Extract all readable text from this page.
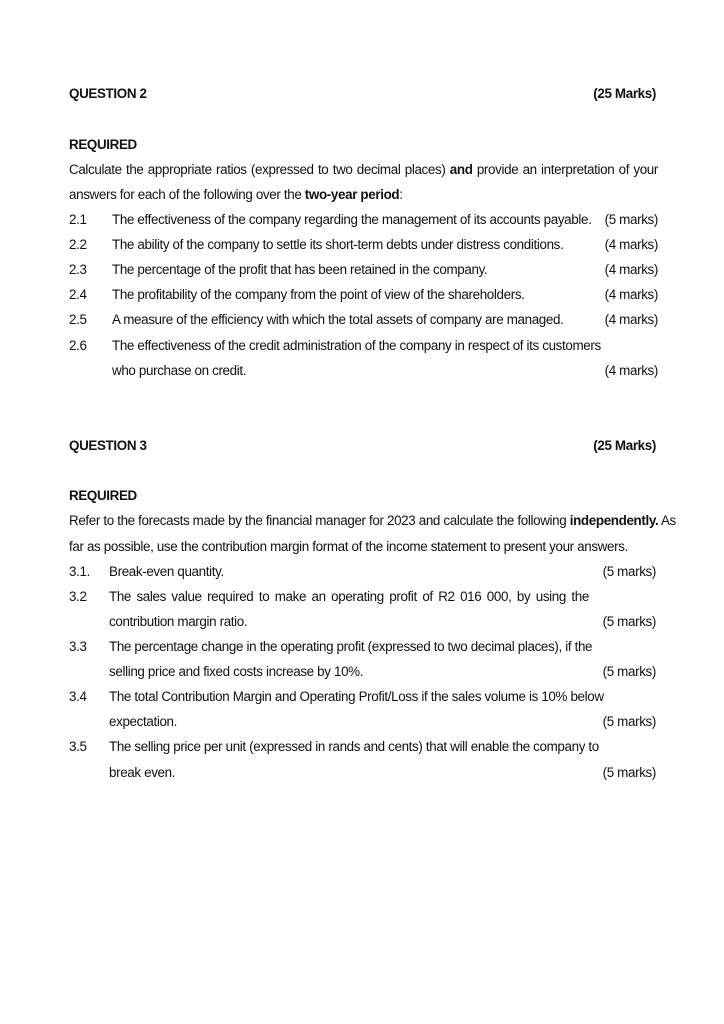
QUESTION 2	(25 Marks)
REQUIRED
Calculate the appropriate ratios (expressed to two decimal places) and provide an interpretation of your
answers for each of the following over the two-year period:
2.1 The effectiveness of the company regarding the management of its accounts payable. (5 marks)
2.2 The ability of the company to settle its short-term debts under distress conditions.	(4 marks)
2.3 The percentage of the profit that has been retained in the company.	(4 marks)
2.4 The profitability of the company from the point of view of the shareholders.	(4 marks)
2.5 A measure of the efficiency with which the total assets of company are managed.	(4 marks)
2.6 The effectiveness of the credit administration of the company in respect of its customers
who purchase on credit.	(4 marks)
QUESTION 3	(25 Marks)
REQUIRED
Refer to the forecasts made by the financial manager for 2023 and calculate the following independently. As
far as possible, use the contribution margin format of the income statement to present your answers.
3.1. Break-even quantity.	(5 marks)
3.2 The sales value required to make an operating profit of R2 016 000, by using the
contribution margin ratio.	(5 marks)
3.3 The percentage change in the operating profit (expressed to two decimal places), if the
selling price and fixed costs increase by 10%.	(5 marks)
3.4 The total Contribution Margin and Operating Profit/Loss if the sales volume is 10% below
expectation.	(5 marks)
3.5 The selling price per unit (expressed in rands and cents) that will enable the company to
break even.	(5 marks)
